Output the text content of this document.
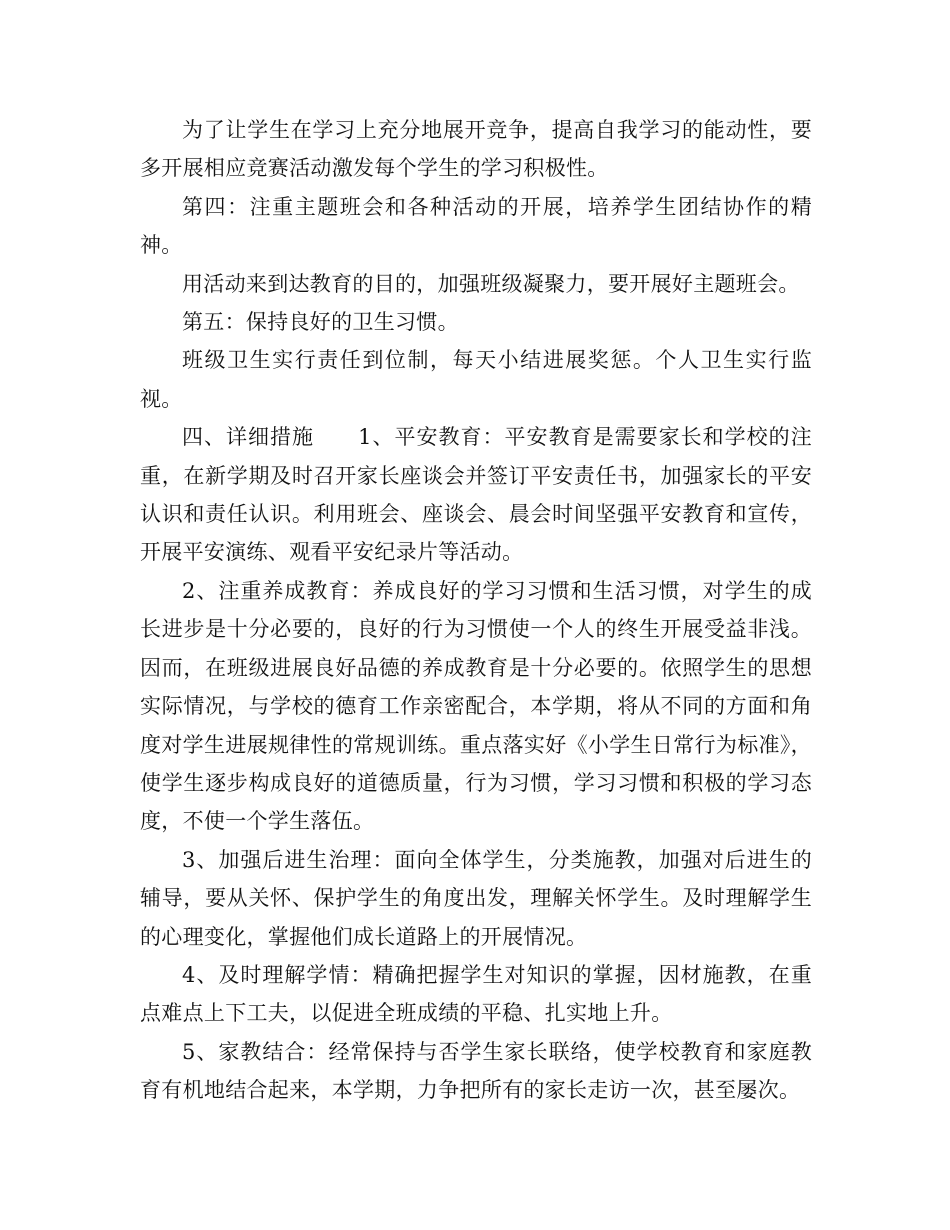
为了让学生在学习上充分地展开竞争，提高自我学习的能动性，要多开展相应竞赛活动激发每个学生的学习积极性。

第四：注重主题班会和各种活动的开展，培养学生团结协作的精神。

用活动来到达教育的目的，加强班级凝聚力，要开展好主题班会。

第五：保持良好的卫生习惯。

班级卫生实行责任到位制，每天小结进展奖惩。个人卫生实行监视。

四、详细措施　　1、平安教育：平安教育是需要家长和学校的注重，在新学期及时召开家长座谈会并签订平安责任书，加强家长的平安认识和责任认识。利用班会、座谈会、晨会时间坚强平安教育和宣传，开展平安演练、观看平安纪录片等活动。

2、注重养成教育：养成良好的学习习惯和生活习惯，对学生的成长进步是十分必要的，良好的行为习惯使一个人的终生开展受益非浅。因而，在班级进展良好品德的养成教育是十分必要的。依照学生的思想实际情况，与学校的德育工作亲密配合，本学期，将从不同的方面和角度对学生进展规律性的常规训练。重点落实好《小学生日常行为标准》，使学生逐步构成良好的道德质量，行为习惯，学习习惯和积极的学习态度，不使一个学生落伍。

3、加强后进生治理：面向全体学生，分类施教，加强对后进生的辅导，要从关怀、保护学生的角度出发，理解关怀学生。及时理解学生的心理变化，掌握他们成长道路上的开展情况。

4、及时理解学情：精确把握学生对知识的掌握，因材施教，在重点难点上下工夫，以促进全班成绩的平稳、扎实地上升。

5、家教结合：经常保持与否学生家长联络，使学校教育和家庭教育有机地结合起来，本学期，力争把所有的家长走访一次，甚至屡次。
